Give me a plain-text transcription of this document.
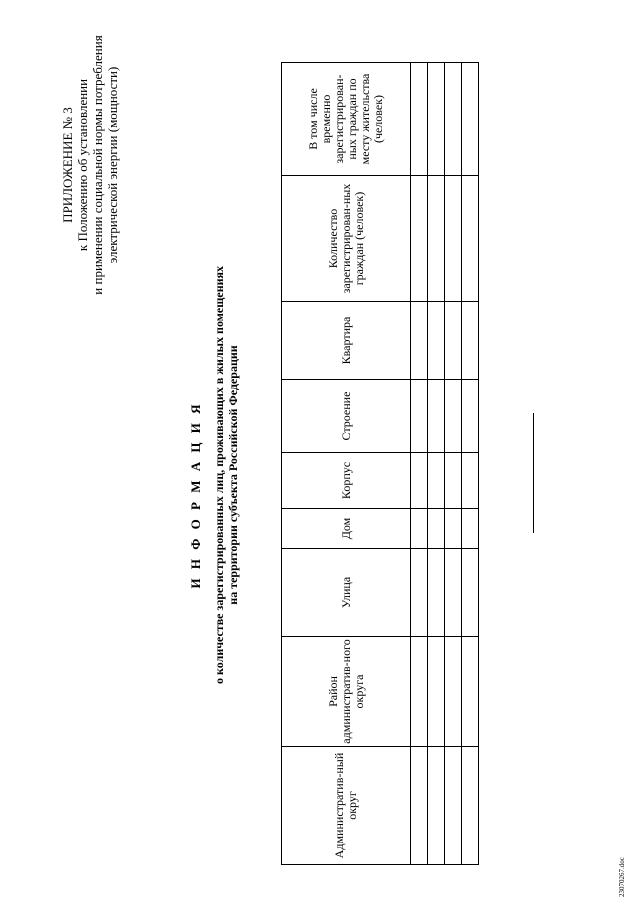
ПРИЛОЖЕНИЕ № 3 к Положению об установлении и применении социальной нормы потребления электрической энергии (мощности)
И Н Ф О Р М А Ц И Я о количестве зарегистрированных лиц, проживающих в жилых помещениях на территории субъекта Российской Федерации
Административ-ный округ	Район административ-ного округа	Улица	Дом	Корпус	Строение	Квартира	Количество зарегистрирован-ных граждан (человек)	В том числе временно зарегистрирован-ных граждан по месту жительства (человек)

23070267.doc
